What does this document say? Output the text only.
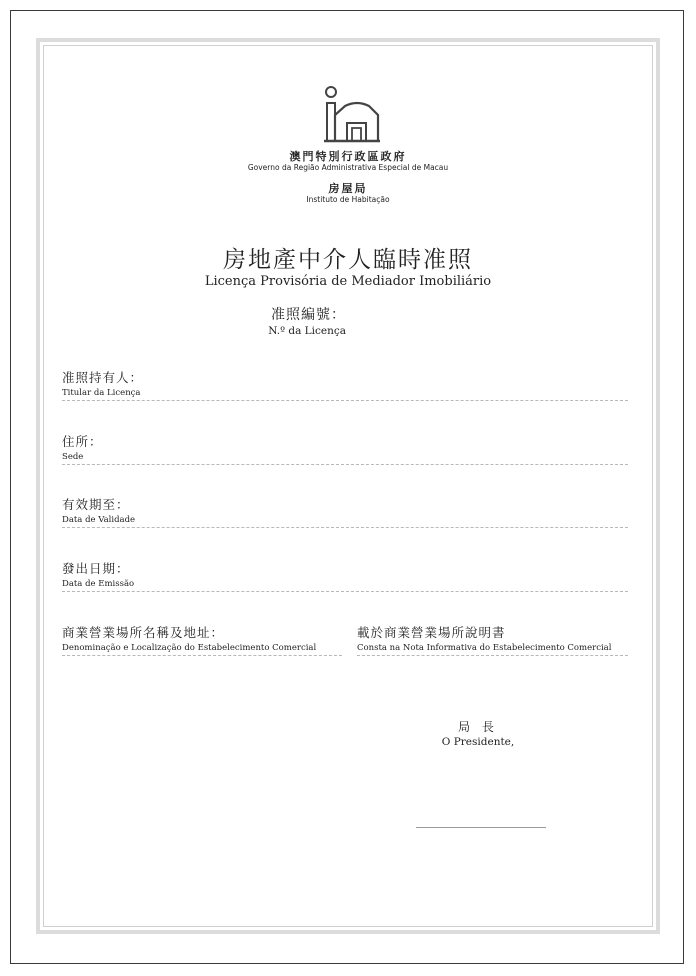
澳門特別行政區政府
Governo da Região Administrativa Especial de Macau
房屋局
Instituto de Habitação
房地產中介人臨時准照
Licença Provisória de Mediador Imobiliário
准照編號：
N.º da Licença
准照持有人：
Titular da Licença
住所：
Sede
有效期至：
Data de Validade
發出日期：
Data de Emissão
商業營業場所名稱及地址：
Denominação e Localização do Estabelecimento Comercial
載於商業營業場所說明書
Consta na Nota Informativa do Estabelecimento Comercial
局 長
O Presidente,
